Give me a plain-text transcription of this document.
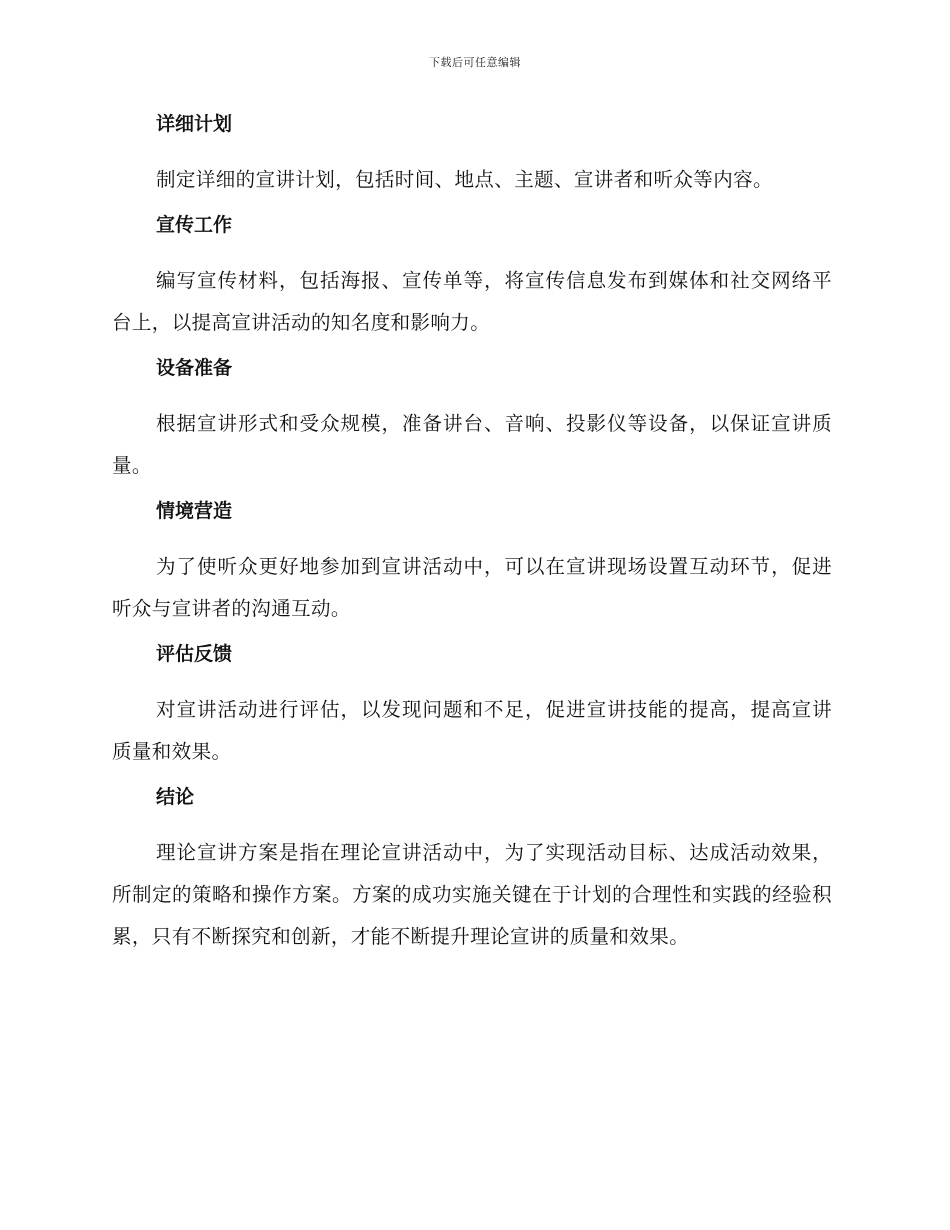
下载后可任意编辑
详细计划

制定详细的宣讲计划，包括时间、地点、主题、宣讲者和听众等内容。

宣传工作

编写宣传材料，包括海报、宣传单等，将宣传信息发布到媒体和社交网络平台上，以提高宣讲活动的知名度和影响力。

设备准备

根据宣讲形式和受众规模，准备讲台、音响、投影仪等设备，以保证宣讲质量。

情境营造

为了使听众更好地参加到宣讲活动中，可以在宣讲现场设置互动环节，促进听众与宣讲者的沟通互动。

评估反馈

对宣讲活动进行评估，以发现问题和不足，促进宣讲技能的提高，提高宣讲质量和效果。

结论

理论宣讲方案是指在理论宣讲活动中，为了实现活动目标、达成活动效果，所制定的策略和操作方案。方案的成功实施关键在于计划的合理性和实践的经验积累，只有不断探究和创新，才能不断提升理论宣讲的质量和效果。
